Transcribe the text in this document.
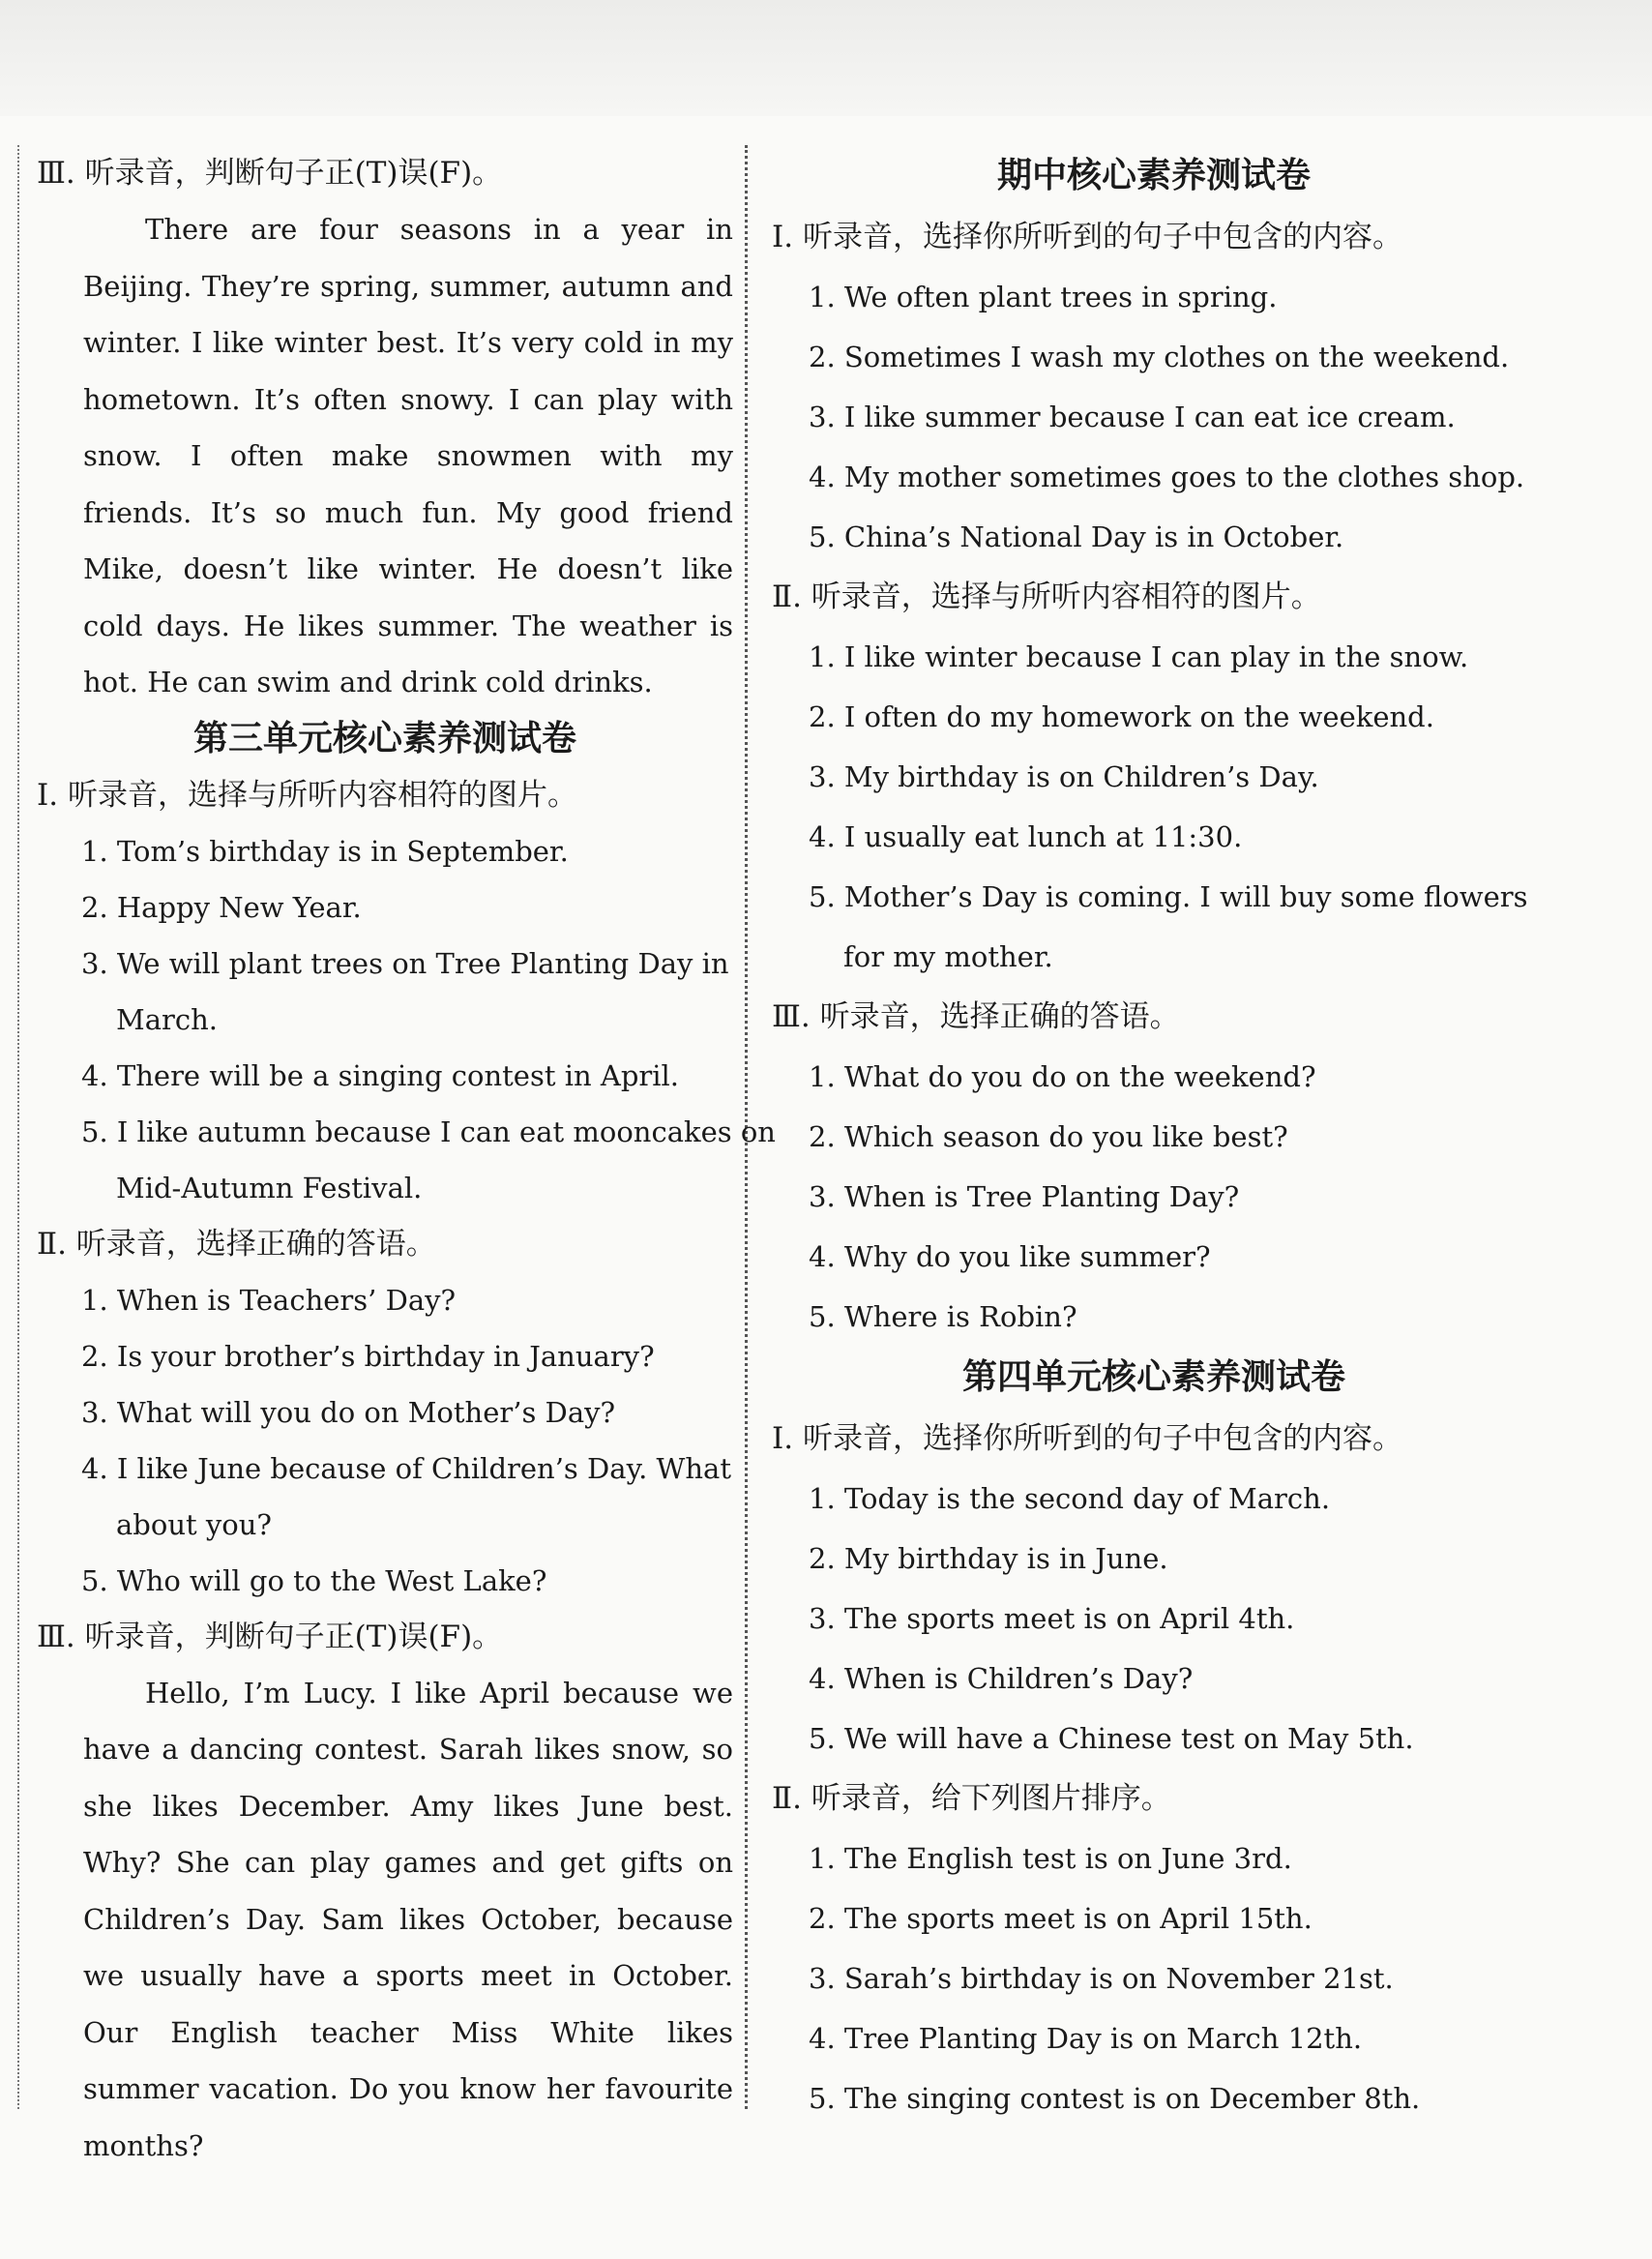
Ⅲ. 听录音，判断句子正(T)误(F)。

There are four seasons in a year in Beijing. They’re spring, summer, autumn and winter. I like winter best. It’s very cold in my hometown. It’s often snowy. I can play with snow. I often make snowmen with my friends. It’s so much fun. My good friend Mike, doesn’t like winter. He doesn’t like cold days. He likes summer. The weather is hot. He can swim and drink cold drinks.

第三单元核心素养测试卷

Ⅰ. 听录音，选择与所听内容相符的图片。

1. Tom’s birthday is in September.

2. Happy New Year.

3. We will plant trees on Tree Planting Day in

March.

4. There will be a singing contest in April.

5. I like autumn because I can eat mooncakes on

Mid-Autumn Festival.

Ⅱ. 听录音，选择正确的答语。

1. When is Teachers’ Day?

2. Is your brother’s birthday in January?

3. What will you do on Mother’s Day?

4. I like June because of Children’s Day. What

about you?

5. Who will go to the West Lake?

Ⅲ. 听录音，判断句子正(T)误(F)。

Hello, I’m Lucy. I like April because we have a dancing contest. Sarah likes snow, so she likes December. Amy likes June best. Why? She can play games and get gifts on Children’s Day. Sam likes October, because we usually have a sports meet in October. Our English teacher Miss White likes summer vacation. Do you know her favourite months?

期中核心素养测试卷

Ⅰ. 听录音，选择你所听到的句子中包含的内容。

1. We often plant trees in spring.

2. Sometimes I wash my clothes on the weekend.

3. I like summer because I can eat ice cream.

4. My mother sometimes goes to the clothes shop.

5. China’s National Day is in October.

Ⅱ. 听录音，选择与所听内容相符的图片。

1. I like winter because I can play in the snow.

2. I often do my homework on the weekend.

3. My birthday is on Children’s Day.

4. I usually eat lunch at 11:30.

5. Mother’s Day is coming. I will buy some flowers

for my mother.

Ⅲ. 听录音，选择正确的答语。

1. What do you do on the weekend?

2. Which season do you like best?

3. When is Tree Planting Day?

4. Why do you like summer?

5. Where is Robin?

第四单元核心素养测试卷

Ⅰ. 听录音，选择你所听到的句子中包含的内容。

1. Today is the second day of March.

2. My birthday is in June.

3. The sports meet is on April 4th.

4. When is Children’s Day?

5. We will have a Chinese test on May 5th.

Ⅱ. 听录音，给下列图片排序。

1. The English test is on June 3rd.

2. The sports meet is on April 15th.

3. Sarah’s birthday is on November 21st.

4. Tree Planting Day is on March 12th.

5. The singing contest is on December 8th.
